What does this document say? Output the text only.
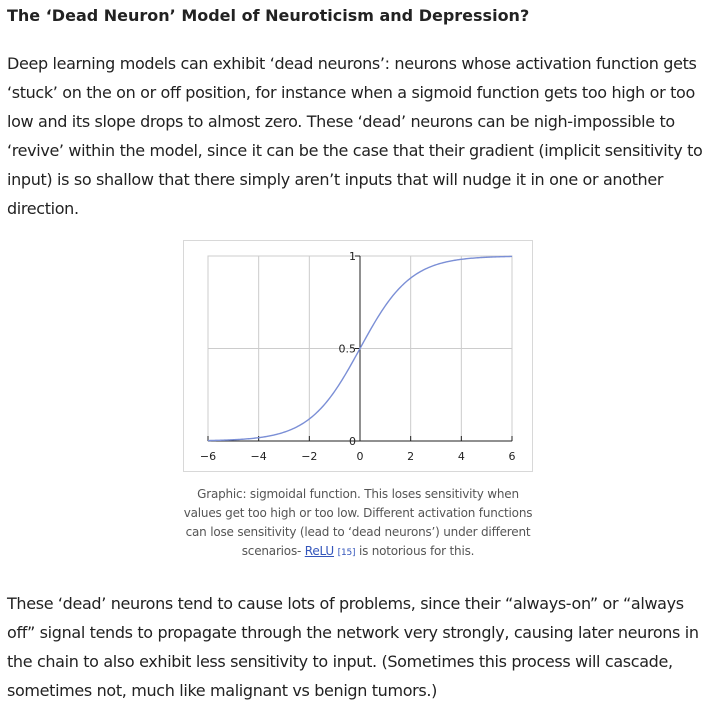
The ‘Dead Neuron’ Model of Neuroticism and Depression?

Deep learning models can exhibit ‘dead neurons’: neurons whose activation function gets ‘stuck’ on the on or off position, for instance when a sigmoid function gets too high or too low and its slope drops to almost zero. These ‘dead’ neurons can be nigh-impossible to ‘revive’ within the model, since it can be the case that their gradient (implicit sensitivity to input) is so shallow that there simply aren’t inputs that will nudge it in one or another direction.

−6	−4	−2	0	2	4	6
0
0.5
1

Graphic: sigmoidal function. This loses sensitivity when values get too high or too low. Different activation functions can lose sensitivity (lead to ‘dead neurons’) under different scenarios- ReLU [15] is notorious for this.

These ‘dead’ neurons tend to cause lots of problems, since their “always-on” or “always off” signal tends to propagate through the network very strongly, causing later neurons in the chain to also exhibit less sensitivity to input. (Sometimes this process will cascade, sometimes not, much like malignant vs benign tumors.)
